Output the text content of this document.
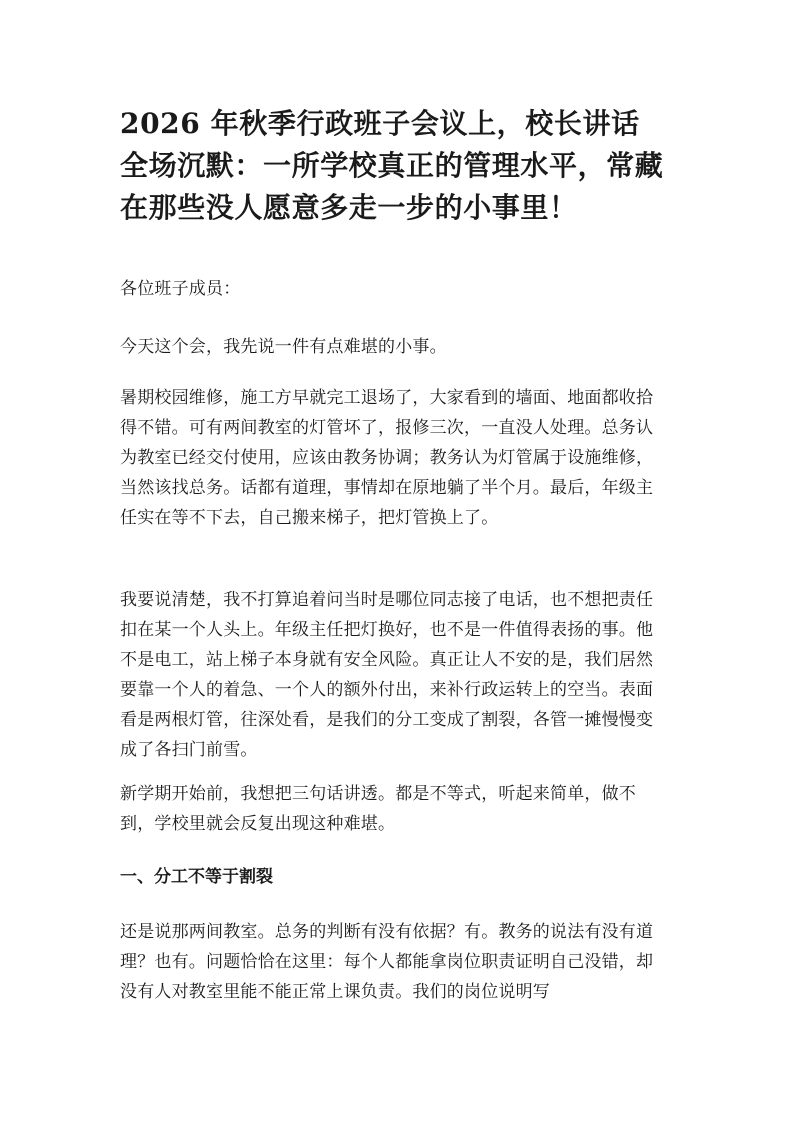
2026 年秋季行政班子会议上，校长讲话全场沉默：一所学校真正的管理水平，常藏在那些没人愿意多走一步的小事里！

各位班子成员：

今天这个会，我先说一件有点难堪的小事。

暑期校园维修，施工方早就完工退场了，大家看到的墙面、地面都收拾得不错。可有两间教室的灯管坏了，报修三次，一直没人处理。总务认为教室已经交付使用，应该由教务协调；教务认为灯管属于设施维修，当然该找总务。话都有道理，事情却在原地躺了半个月。最后，年级主任实在等不下去，自己搬来梯子，把灯管换上了。

我要说清楚，我不打算追着问当时是哪位同志接了电话，也不想把责任扣在某一个人头上。年级主任把灯换好，也不是一件值得表扬的事。他不是电工，站上梯子本身就有安全风险。真正让人不安的是，我们居然要靠一个人的着急、一个人的额外付出，来补行政运转上的空当。表面看是两根灯管，往深处看，是我们的分工变成了割裂，各管一摊慢慢变成了各扫门前雪。

新学期开始前，我想把三句话讲透。都是不等式，听起来简单，做不到，学校里就会反复出现这种难堪。

一、分工不等于割裂

还是说那两间教室。总务的判断有没有依据？有。教务的说法有没有道理？也有。问题恰恰在这里：每个人都能拿岗位职责证明自己没错，却没有人对教室里能不能正常上课负责。我们的岗位说明写
